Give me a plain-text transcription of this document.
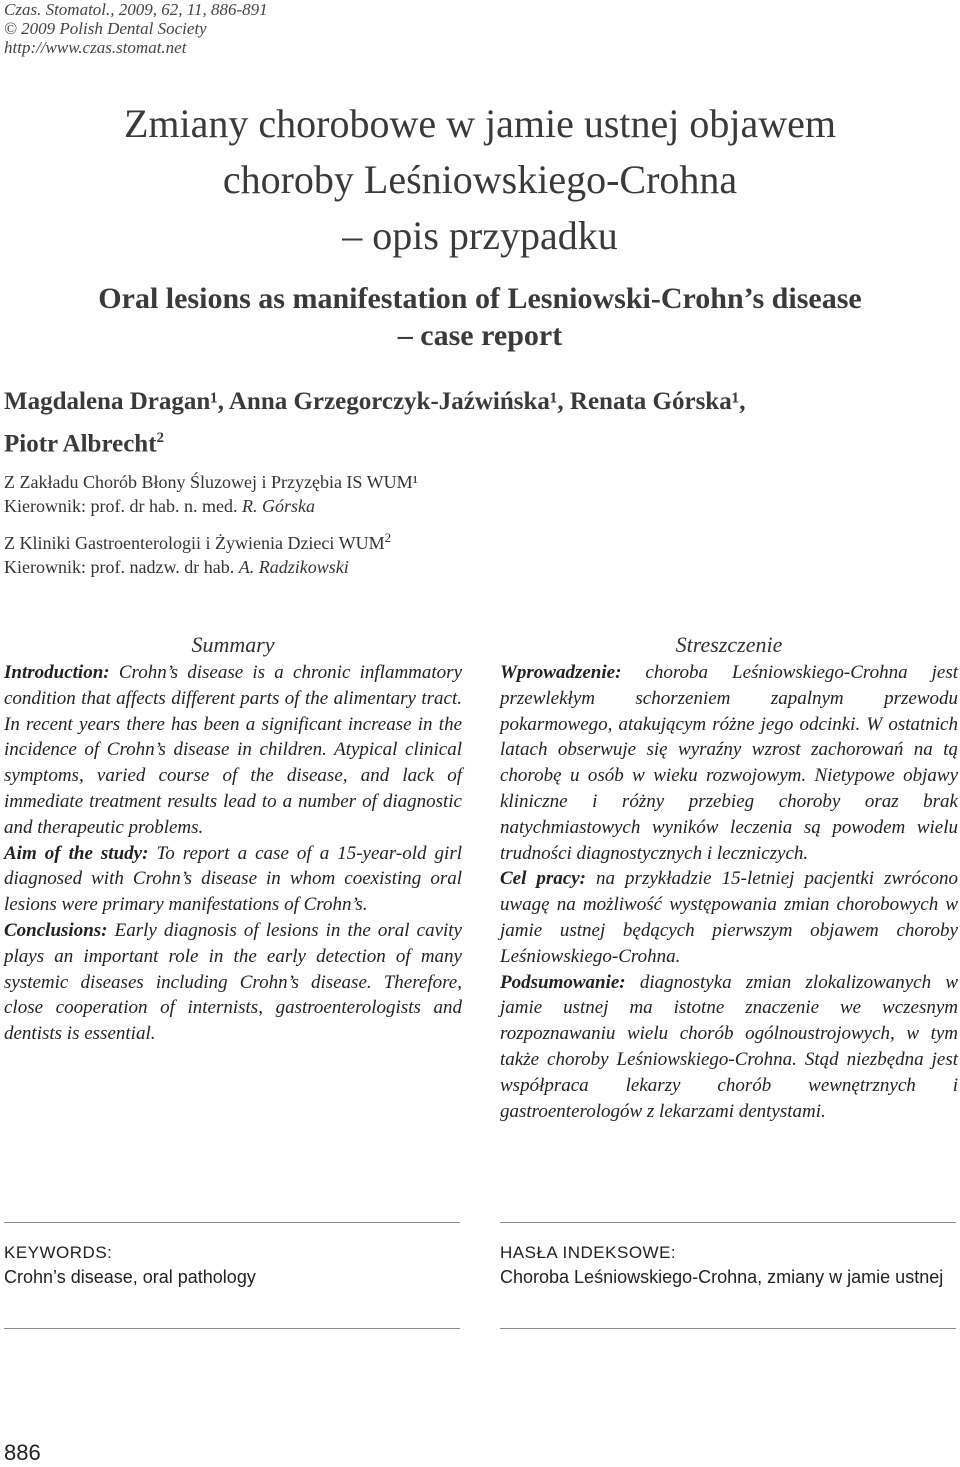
Czas. Stomatol., 2009, 62, 11, 886-891
© 2009 Polish Dental Society
http://www.czas.stomat.net
Zmiany chorobowe w jamie ustnej objawem
choroby Leśniowskiego-Crohna
– opis przypadku
Oral lesions as manifestation of Lesniowski-Crohn’s disease
– case report
Magdalena Dragan¹, Anna Grzegorczyk-Jaźwińska¹, Renata Górska¹,
Piotr Albrecht$^2$
Z Zakładu Chorób Błony Śluzowej i Przyzębia IS WUM¹
Kierownik: prof. dr hab. n. med. R. Górska
Z Kliniki Gastroenterologii i Żywienia Dzieci WUM$^2$
Kierownik: prof. nadzw. dr hab. A. Radzikowski
Summary

Introduction: Crohn’s disease is a chronic inflammatory condition that affects different parts of the alimentary tract. In recent years there has been a significant increase in the incidence of Crohn’s disease in children. Atypical clinical symptoms, varied course of the disease, and lack of immediate treatment results lead to a number of diagnostic and therapeutic problems.

Aim of the study: To report a case of a 15-year-old girl diagnosed with Crohn’s disease in whom coexisting oral lesions were primary manifestations of Crohn’s.

Conclusions: Early diagnosis of lesions in the oral cavity plays an important role in the early detection of many systemic diseases including Crohn’s disease. Therefore, close cooperation of internists, gastroenterologists and dentists is essential.

Streszczenie

Wprowadzenie: choroba Leśniowskiego-Crohna jest przewlekłym schorzeniem zapalnym przewodu pokarmowego, atakującym różne jego odcinki. W ostatnich latach obserwuje się wyraźny wzrost zachorowań na tą chorobę u osób w wieku rozwojowym. Nietypowe objawy kliniczne i różny przebieg choroby oraz brak natychmiastowych wyników leczenia są powodem wielu trudności diagnostycznych i leczniczych.

Cel pracy: na przykładzie 15-letniej pacjentki zwrócono uwagę na możliwość występowania zmian chorobowych w jamie ustnej będących pierwszym objawem choroby Leśniowskiego-Crohna.

Podsumowanie: diagnostyka zmian zlokalizowanych w jamie ustnej ma istotne znaczenie we wczesnym rozpoznawaniu wielu chorób ogólnoustrojowych, w tym także choroby Leśniowskiego-Crohna. Stąd niezbędna jest współpraca lekarzy chorób wewnętrznych i gastroenterologów z lekarzami dentystami.

KEYWORDS:
Crohn’s disease, oral pathology
HASŁA INDEKSOWE:
Choroba Leśniowskiego-Crohna, zmiany w jamie ustnej
886
